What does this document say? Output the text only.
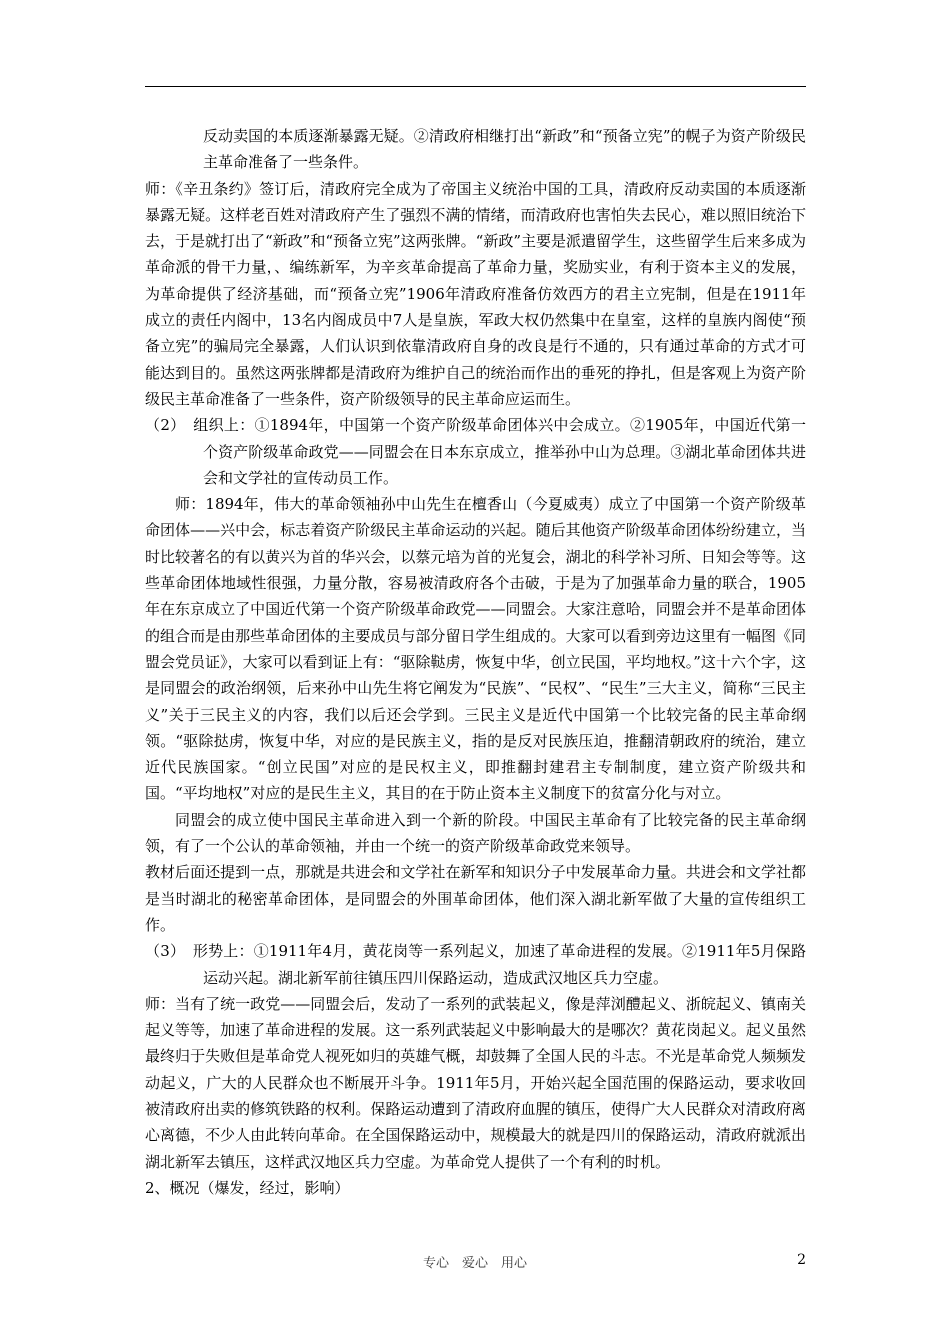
反动卖国的本质逐渐暴露无疑。②清政府相继打出“新政”和“预备立宪”的幌子为资产阶级民主革命准备了一些条件。

师：《辛丑条约》签订后，清政府完全成为了帝国主义统治中国的工具，清政府反动卖国的本质逐渐暴露无疑。这样老百姓对清政府产生了强烈不满的情绪，而清政府也害怕失去民心，难以照旧统治下去，于是就打出了“新政”和“预备立宪”这两张牌。“新政”主要是派遣留学生，这些留学生后来多成为革命派的骨干力量，、编练新军，为辛亥革命提高了革命力量，奖励实业，有利于资本主义的发展，为革命提供了经济基础，而“预备立宪”1906年清政府准备仿效西方的君主立宪制，但是在1911年成立的责任内阁中，13名内阁成员中7人是皇族，军政大权仍然集中在皇室，这样的皇族内阁使“预备立宪”的骗局完全暴露，人们认识到依靠清政府自身的改良是行不通的，只有通过革命的方式才可能达到目的。虽然这两张牌都是清政府为维护自己的统治而作出的垂死的挣扎，但是客观上为资产阶级民主革命准备了一些条件，资产阶级领导的民主革命应运而生。

（2）　组织上：①1894年，中国第一个资产阶级革命团体兴中会成立。②1905年，中国近代第一个资产阶级革命政党——同盟会在日本东京成立，推举孙中山为总理。③湖北革命团体共进会和文学社的宣传动员工作。

师：1894年，伟大的革命领袖孙中山先生在檀香山（今夏威夷）成立了中国第一个资产阶级革命团体——兴中会，标志着资产阶级民主革命运动的兴起。随后其他资产阶级革命团体纷纷建立，当时比较著名的有以黄兴为首的华兴会，以蔡元培为首的光复会，湖北的科学补习所、日知会等等。这些革命团体地域性很强，力量分散，容易被清政府各个击破，于是为了加强革命力量的联合，1905年在东京成立了中国近代第一个资产阶级革命政党——同盟会。大家注意哈，同盟会并不是革命团体的组合而是由那些革命团体的主要成员与部分留日学生组成的。大家可以看到旁边这里有一幅图《同盟会党员证》，大家可以看到证上有：“驱除鞑虏，恢复中华，创立民国，平均地权。”这十六个字，这是同盟会的政治纲领，后来孙中山先生将它阐发为“民族”、“民权”、“民生”三大主义，简称“三民主义”关于三民主义的内容，我们以后还会学到。三民主义是近代中国第一个比较完备的民主革命纲领。“驱除挞虏，恢复中华，对应的是民族主义，指的是反对民族压迫，推翻清朝政府的统治，建立近代民族国家。“创立民国”对应的是民权主义，即推翻封建君主专制制度，建立资产阶级共和国。“平均地权”对应的是民生主义，其目的在于防止资本主义制度下的贫富分化与对立。

同盟会的成立使中国民主革命进入到一个新的阶段。中国民主革命有了比较完备的民主革命纲领，有了一个公认的革命领袖，并由一个统一的资产阶级革命政党来领导。

教材后面还提到一点，那就是共进会和文学社在新军和知识分子中发展革命力量。共进会和文学社都是当时湖北的秘密革命团体，是同盟会的外围革命团体，他们深入湖北新军做了大量的宣传组织工作。

（3）　形势上：①1911年4月，黄花岗等一系列起义，加速了革命进程的发展。②1911年5月保路运动兴起。湖北新军前往镇压四川保路运动，造成武汉地区兵力空虚。

师：当有了统一政党——同盟会后，发动了一系列的武装起义，像是萍浏醴起义、浙皖起义、镇南关起义等等，加速了革命进程的发展。这一系列武装起义中影响最大的是哪次？黄花岗起义。起义虽然最终归于失败但是革命党人视死如归的英雄气概，却鼓舞了全国人民的斗志。不光是革命党人频频发动起义，广大的人民群众也不断展开斗争。1911年5月，开始兴起全国范围的保路运动，要求收回被清政府出卖的修筑铁路的权利。保路运动遭到了清政府血腥的镇压，使得广大人民群众对清政府离心离德，不少人由此转向革命。在全国保路运动中，规模最大的就是四川的保路运动，清政府就派出湖北新军去镇压，这样武汉地区兵力空虚。为革命党人提供了一个有利的时机。

2、概况（爆发，经过，影响）

专心　爱心　用心	2
